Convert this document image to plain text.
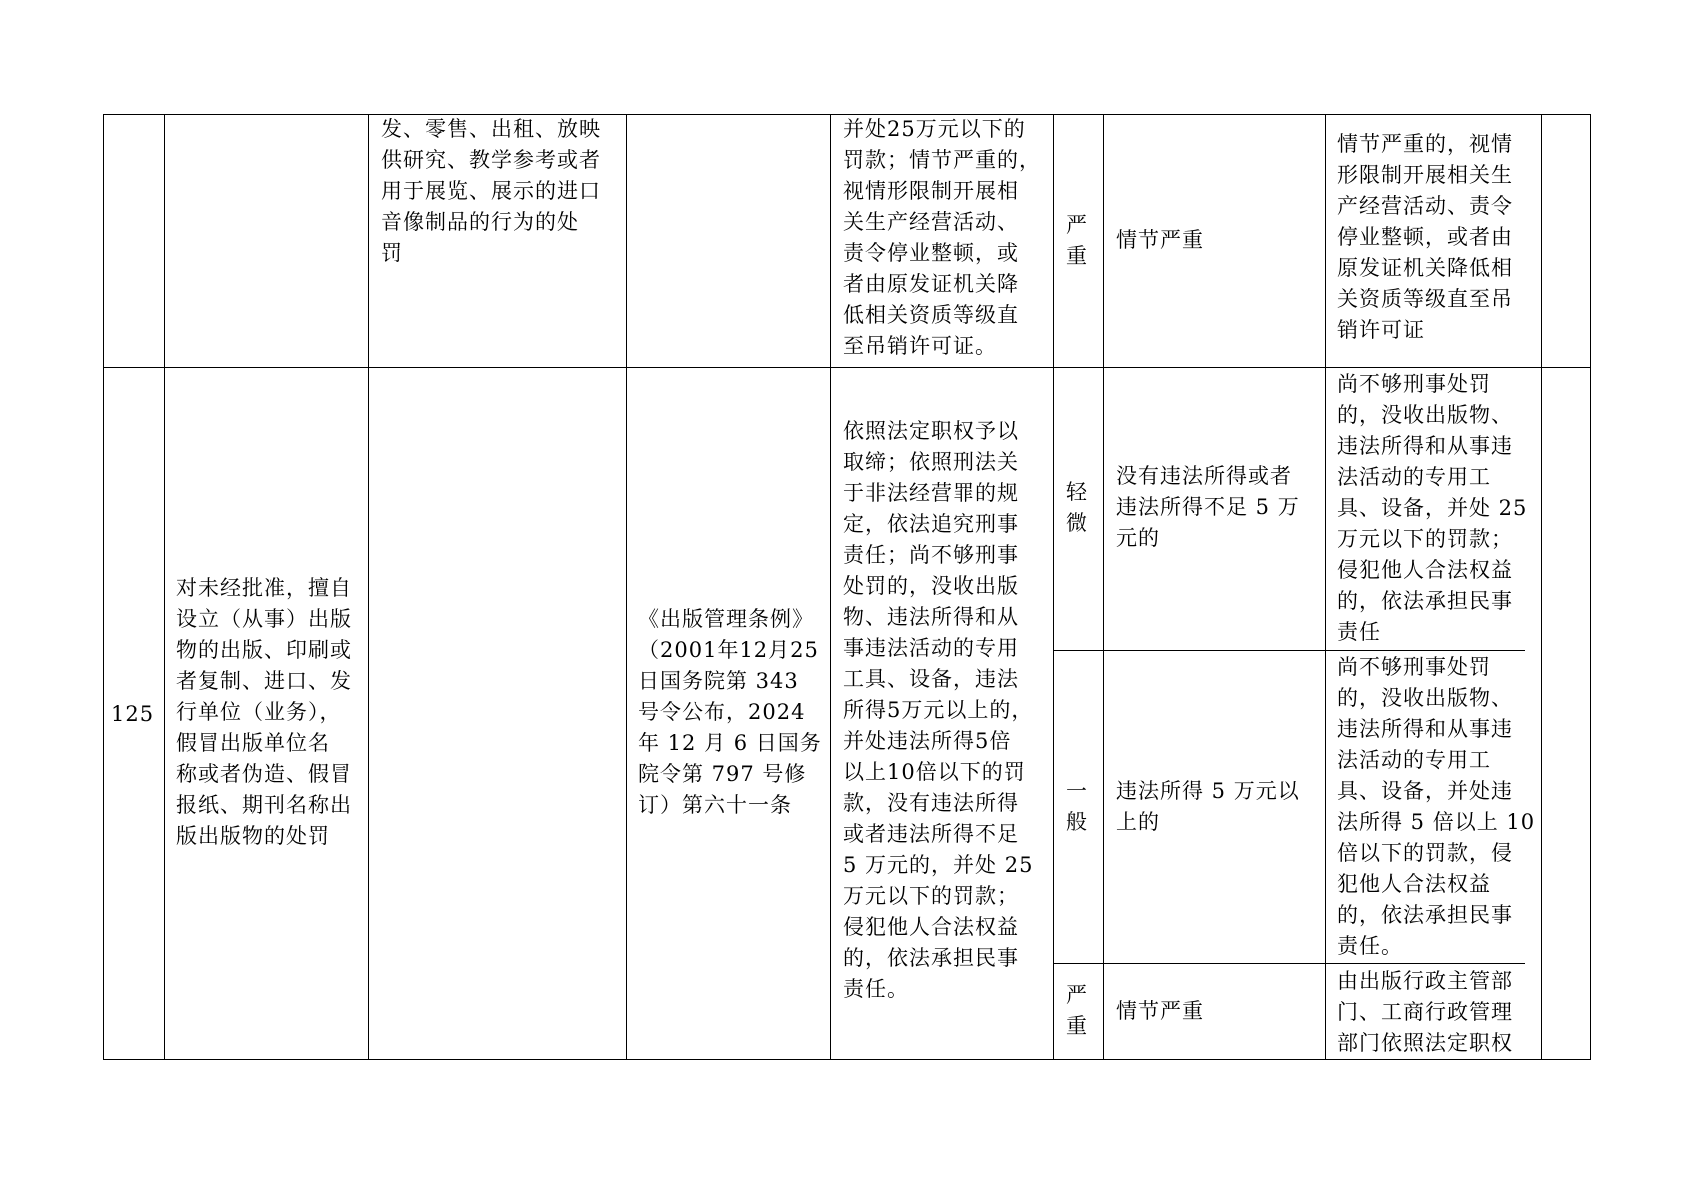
发、零售、出租、放映
供研究、教学参考或者
用于展览、展示的进口
音像制品的行为的处
罚
并处25万元以下的
罚款；情节严重的，
视情形限制开展相
关生产经营活动、
责令停业整顿，或
者由原发证机关降
低相关资质等级直
至吊销许可证。
严
重
情节严重
情节严重的，视情
形限制开展相关生
产经营活动、责令
停业整顿，或者由
原发证机关降低相
关资质等级直至吊
销许可证
125
对未经批准，擅自
设立（从事）出版
物的出版、印刷或
者复制、进口、发
行单位（业务），
假冒出版单位名
称或者伪造、假冒
报纸、期刊名称出
版出版物的处罚
《出版管理条例》
（2001年12月25
日国务院第 343
号令公布，2024
年 12 月 6 日国务
院令第 797 号修
订）第六十一条
依照法定职权予以
取缔；依照刑法关
于非法经营罪的规
定，依法追究刑事
责任；尚不够刑事
处罚的，没收出版
物、违法所得和从
事违法活动的专用
工具、设备，违法
所得5万元以上的，
并处违法所得5倍
以上10倍以下的罚
款，没有违法所得
或者违法所得不足
5 万元的，并处 25
万元以下的罚款；
侵犯他人合法权益
的，依法承担民事
责任。
轻
微
没有违法所得或者
违法所得不足 5 万
元的
尚不够刑事处罚
的，没收出版物、
违法所得和从事违
法活动的专用工
具、设备，并处 25
万元以下的罚款；
侵犯他人合法权益
的，依法承担民事
责任
一
般
违法所得 5 万元以
上的
尚不够刑事处罚
的，没收出版物、
违法所得和从事违
法活动的专用工
具、设备，并处违
法所得 5 倍以上 10
倍以下的罚款，侵
犯他人合法权益
的，依法承担民事
责任。
严
重
情节严重
由出版行政主管部
门、工商行政管理
部门依照法定职权
